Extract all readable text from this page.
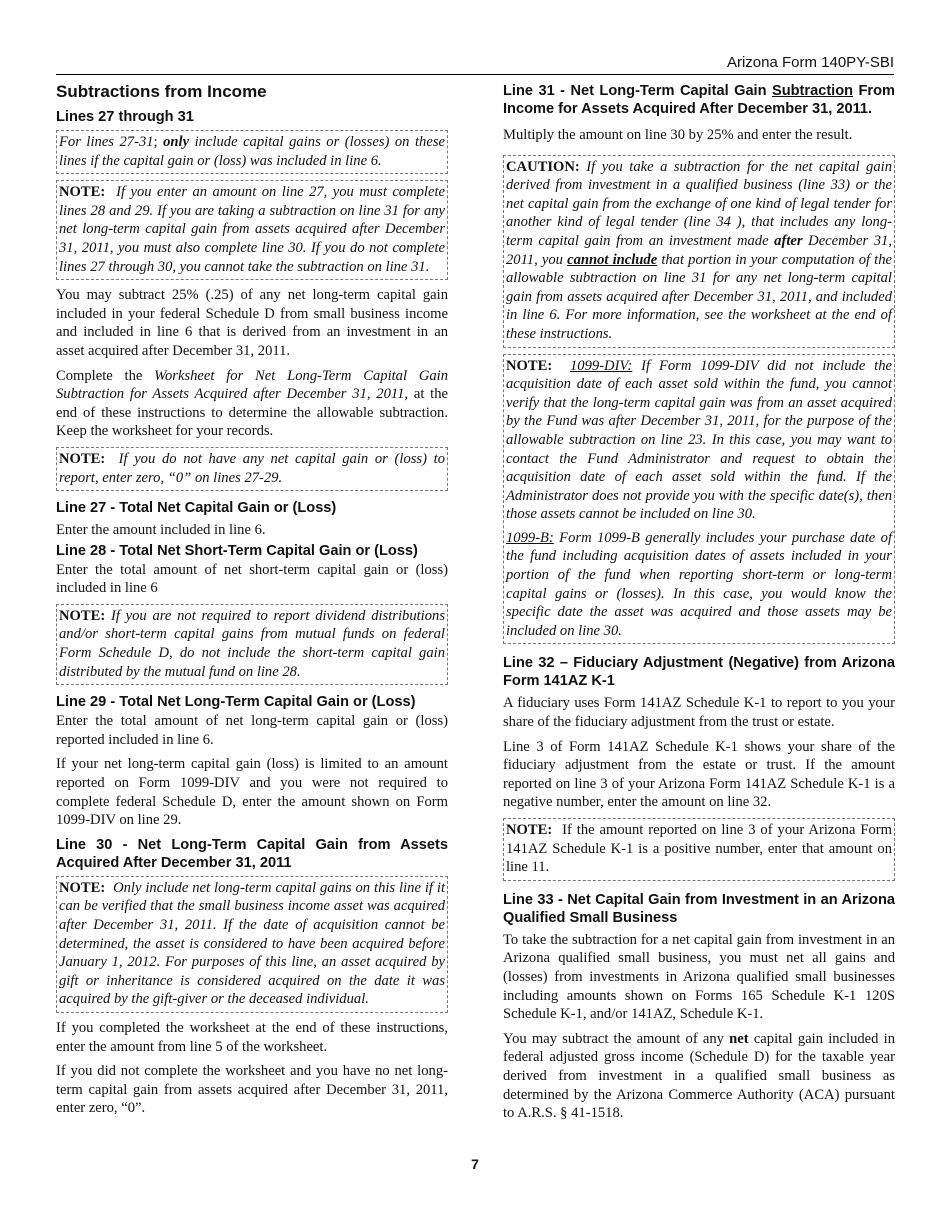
Arizona Form 140PY-SBI
Subtractions from Income
Lines 27 through 31

For lines 27-31; only include capital gains or (losses) on these lines if the capital gain or (loss) was included in line 6.

NOTE: If you enter an amount on line 27, you must complete lines 28 and 29. If you are taking a subtraction on line 31 for any net long-term capital gain from assets acquired after December 31, 2011, you must also complete line 30. If you do not complete lines 27 through 30, you cannot take the subtraction on line 31.

You may subtract 25% (.25) of any net long-term capital gain included in your federal Schedule D from small business income and included in line 6 that is derived from an investment in an asset acquired after December 31, 2011.

Complete the Worksheet for Net Long-Term Capital Gain Subtraction for Assets Acquired after December 31, 2011, at the end of these instructions to determine the allowable subtraction. Keep the worksheet for your records.

NOTE: If you do not have any net capital gain or (loss) to report, enter zero, “0” on lines 27-29.

Line 27 - Total Net Capital Gain or (Loss)

Enter the amount included in line 6.

Line 28 - Total Net Short-Term Capital Gain or (Loss)

Enter the total amount of net short-term capital gain or (loss) included in line 6

NOTE: If you are not required to report dividend distributions and/or short-term capital gains from mutual funds on federal Form Schedule D, do not include the short-term capital gain distributed by the mutual fund on line 28.

Line 29 - Total Net Long-Term Capital Gain or (Loss)

Enter the total amount of net long-term capital gain or (loss) reported included in line 6.

If your net long-term capital gain (loss) is limited to an amount reported on Form 1099-DIV and you were not required to complete federal Schedule D, enter the amount shown on Form 1099-DIV on line 29.

Line 30 - Net Long-Term Capital Gain from Assets Acquired After December 31, 2011

NOTE: Only include net long-term capital gains on this line if it can be verified that the small business income asset was acquired after December 31, 2011. If the date of acquisition cannot be determined, the asset is considered to have been acquired before January 1, 2012. For purposes of this line, an asset acquired by gift or inheritance is considered acquired on the date it was acquired by the gift-giver or the deceased individual.

If you completed the worksheet at the end of these instructions, enter the amount from line 5 of the worksheet.

If you did not complete the worksheet and you have no net long-term capital gain from assets acquired after December 31, 2011, enter zero, “0”.

Line 31 - Net Long-Term Capital Gain Subtraction From Income for Assets Acquired After December 31, 2011.

Multiply the amount on line 30 by 25% and enter the result.

CAUTION: If you take a subtraction for the net capital gain derived from investment in a qualified business (line 33) or the net capital gain from the exchange of one kind of legal tender for another kind of legal tender (line 34 ), that includes any long-term capital gain from an investment made after December 31, 2011, you cannot include that portion in your computation of the allowable subtraction on line 31 for any net long-term capital gain from assets acquired after December 31, 2011, and included in line 6. For more information, see the worksheet at the end of these instructions.

NOTE: 1099-DIV: If Form 1099-DIV did not include the acquisition date of each asset sold within the fund, you cannot verify that the long-term capital gain was from an asset acquired by the Fund was after December 31, 2011, for the purpose of the allowable subtraction on line 23. In this case, you may want to contact the Fund Administrator and request to obtain the acquisition date of each asset sold within the fund. If the Administrator does not provide you with the specific date(s), then those assets cannot be included on line 30.

1099-B: Form 1099-B generally includes your purchase date of the fund including acquisition dates of assets included in your portion of the fund when reporting short-term or long-term capital gains or (losses). In this case, you would know the specific date the asset was acquired and those assets may be included on line 30.

Line 32 – Fiduciary Adjustment (Negative) from Arizona Form 141AZ K-1

A fiduciary uses Form 141AZ Schedule K-1 to report to you your share of the fiduciary adjustment from the trust or estate.

Line 3 of Form 141AZ Schedule K-1 shows your share of the fiduciary adjustment from the estate or trust. If the amount reported on line 3 of your Arizona Form 141AZ Schedule K-1 is a negative number, enter the amount on line 32.

NOTE: If the amount reported on line 3 of your Arizona Form 141AZ Schedule K-1 is a positive number, enter that amount on line 11.

Line 33 - Net Capital Gain from Investment in an Arizona Qualified Small Business

To take the subtraction for a net capital gain from investment in an Arizona qualified small business, you must net all gains and (losses) from investments in Arizona qualified small businesses including amounts shown on Forms 165 Schedule K-1 120S Schedule K-1, and/or 141AZ, Schedule K-1.

You may subtract the amount of any net capital gain included in federal adjusted gross income (Schedule D) for the taxable year derived from investment in a qualified small business as determined by the Arizona Commerce Authority (ACA) pursuant to A.R.S. § 41-1518.

7
